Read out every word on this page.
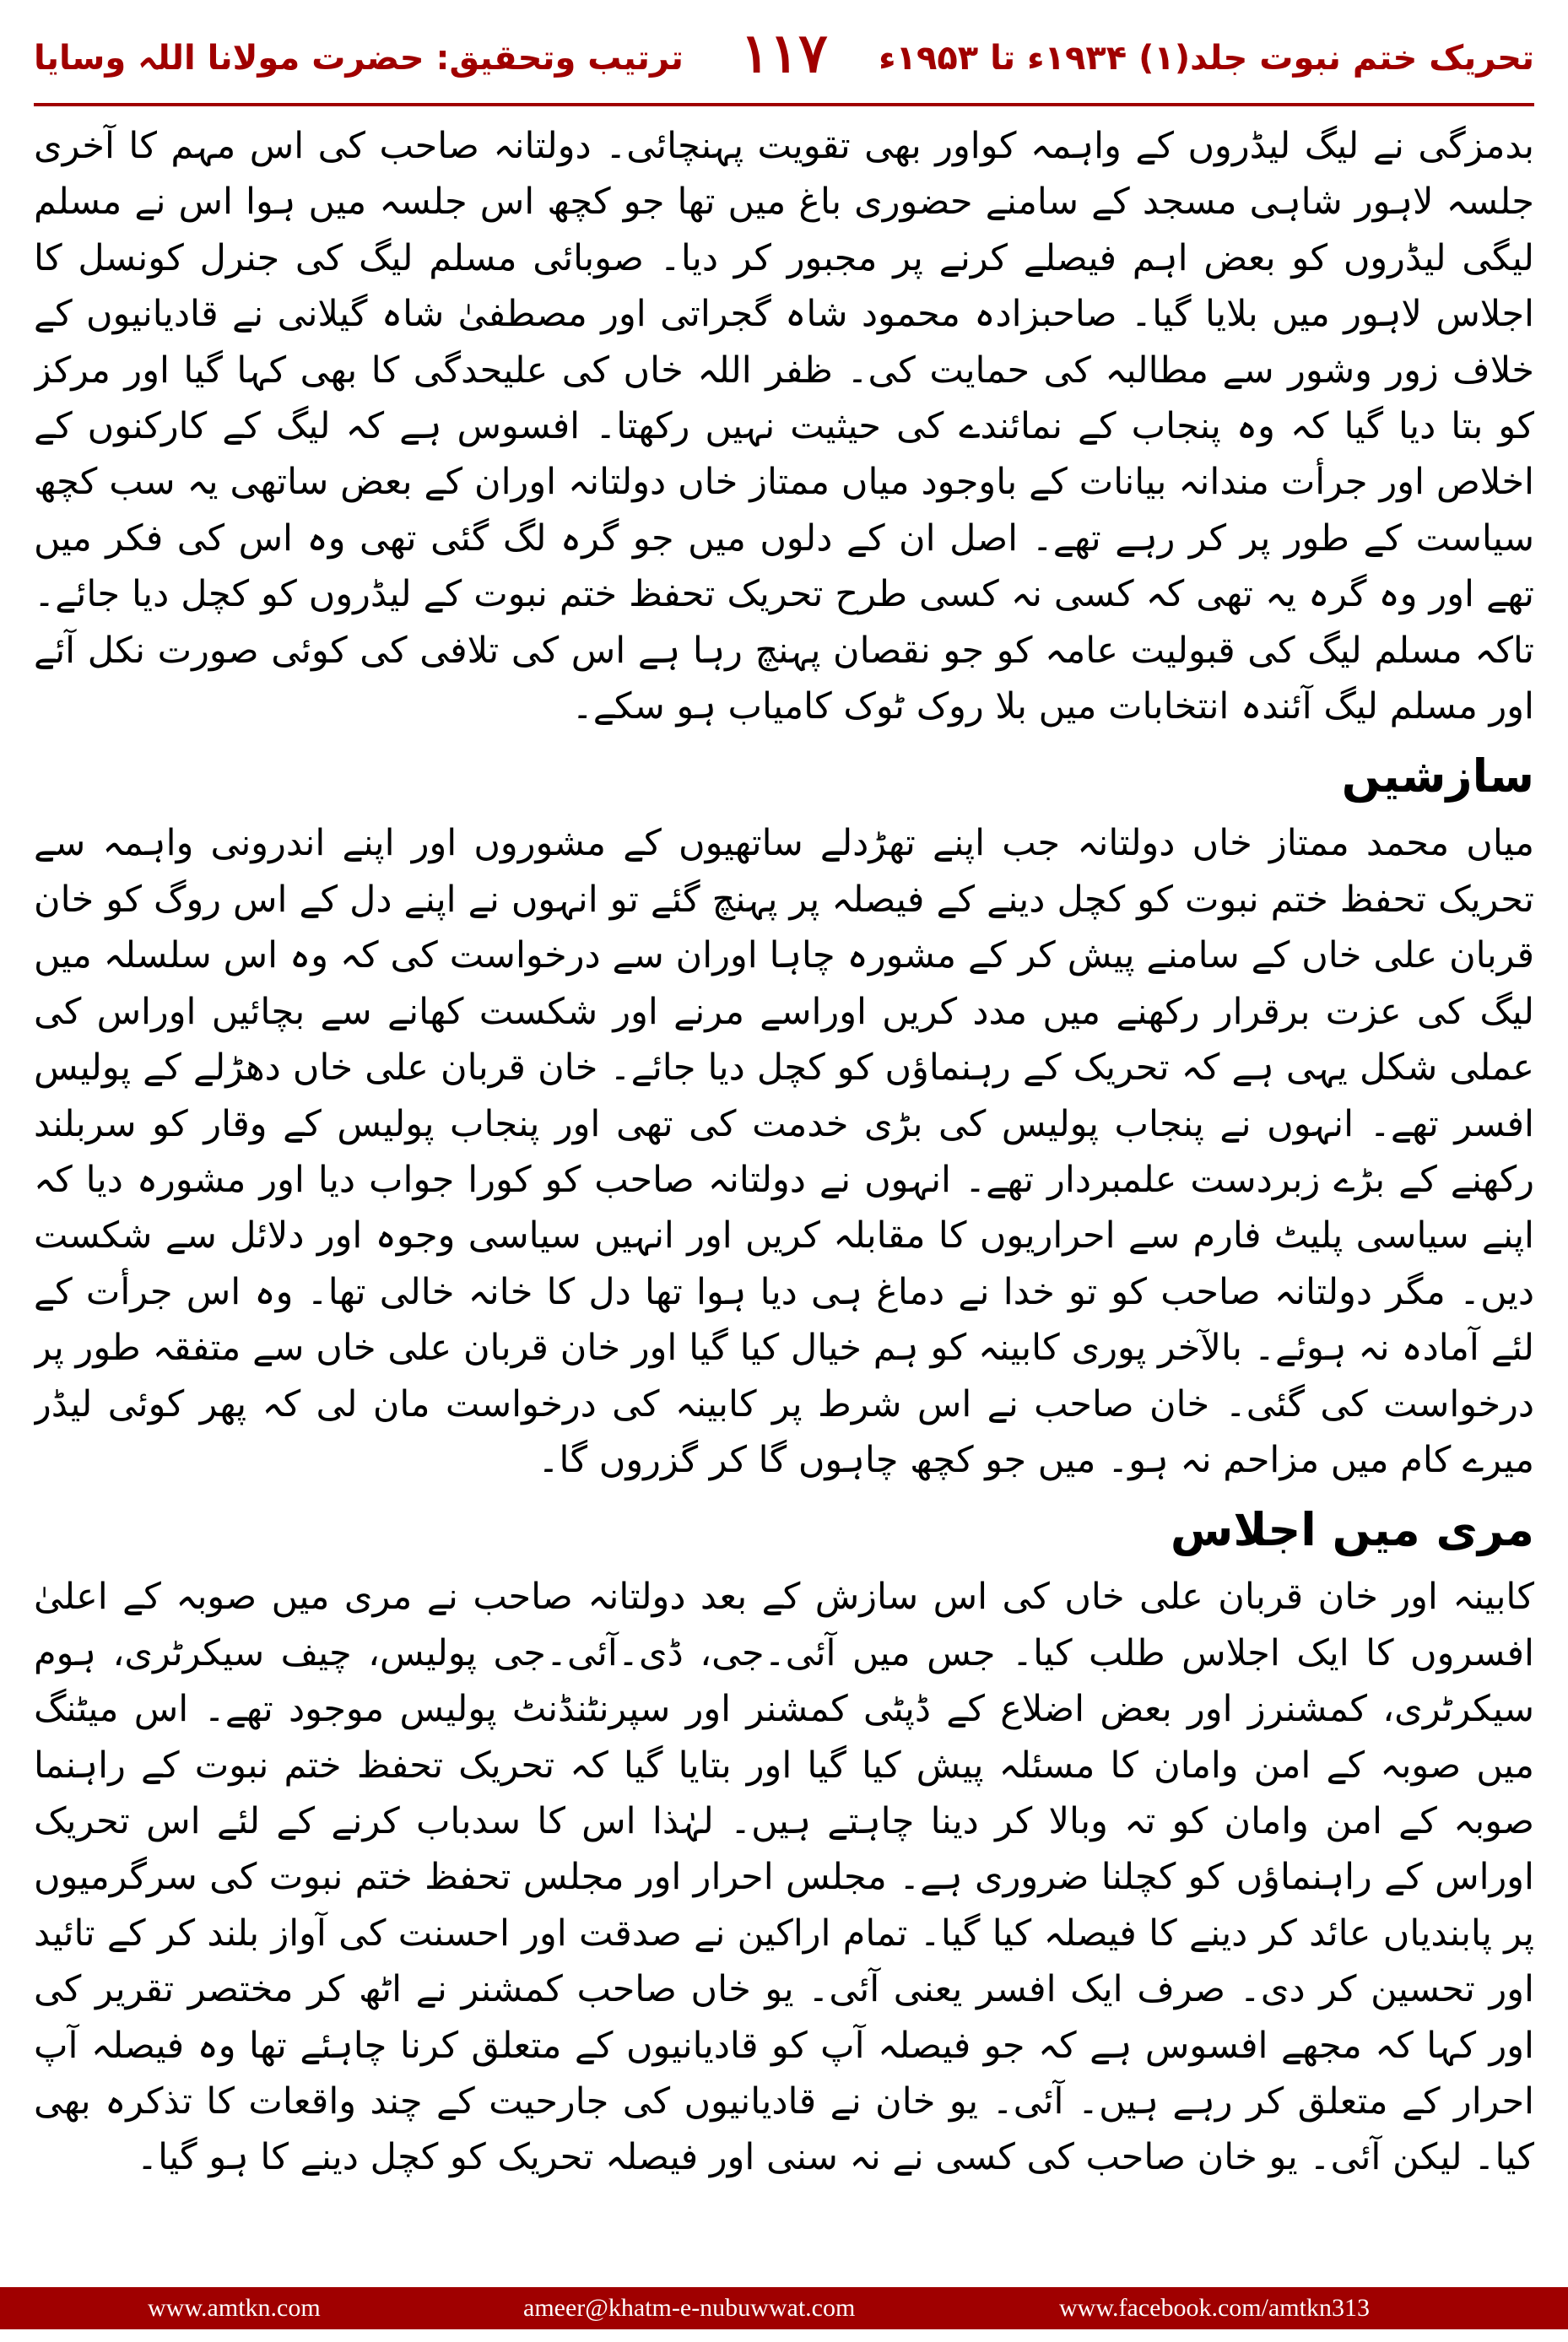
تحریک ختم نبوت جلد(۱) ۱۹۳۴ء تا ۱۹۵۳ء
۱۱۷
ترتیب وتحقیق: حضرت مولانا اللہ وسایا

بدمزگی نے لیگ لیڈروں کے واہمہ کواور بھی تقویت پہنچائی۔ دولتانہ صاحب کی اس مہم کا آخری جلسہ لاہور شاہی مسجد کے سامنے حضوری باغ میں تھا جو کچھ اس جلسہ میں ہوا اس نے مسلم لیگی لیڈروں کو بعض اہم فیصلے کرنے پر مجبور کر دیا۔ صوبائی مسلم لیگ کی جنرل کونسل کا اجلاس لاہور میں بلایا گیا۔ صاحبزادہ محمود شاہ گجراتی اور مصطفیٰ شاہ گیلانی نے قادیانیوں کے خلاف زور وشور سے مطالبہ کی حمایت کی۔ ظفر اللہ خاں کی علیحدگی کا بھی کہا گیا اور مرکز کو بتا دیا گیا کہ وہ پنجاب کے نمائندے کی حیثیت نہیں رکھتا۔ افسوس ہے کہ لیگ کے کارکنوں کے اخلاص اور جرأت مندانہ بیانات کے باوجود میاں ممتاز خاں دولتانہ اوران کے بعض ساتھی یہ سب کچھ سیاست کے طور پر کر رہے تھے۔ اصل ان کے دلوں میں جو گرہ لگ گئی تھی وہ اس کی فکر میں تھے اور وہ گرہ یہ تھی کہ کسی نہ کسی طرح تحریک تحفظ ختم نبوت کے لیڈروں کو کچل دیا جائے۔ تاکہ مسلم لیگ کی قبولیت عامہ کو جو نقصان پہنچ رہا ہے اس کی تلافی کی کوئی صورت نکل آئے اور مسلم لیگ آئندہ انتخابات میں بلا روک ٹوک کامیاب ہو سکے۔

سازشیں

میاں محمد ممتاز خاں دولتانہ جب اپنے تھڑدلے ساتھیوں کے مشوروں اور اپنے اندرونی واہمہ سے تحریک تحفظ ختم نبوت کو کچل دینے کے فیصلہ پر پہنچ گئے تو انہوں نے اپنے دل کے اس روگ کو خان قربان علی خاں کے سامنے پیش کر کے مشورہ چاہا اوران سے درخواست کی کہ وہ اس سلسلہ میں لیگ کی عزت برقرار رکھنے میں مدد کریں اوراسے مرنے اور شکست کھانے سے بچائیں اوراس کی عملی شکل یہی ہے کہ تحریک کے رہنماؤں کو کچل دیا جائے۔ خان قربان علی خاں دھڑلے کے پولیس افسر تھے۔ انہوں نے پنجاب پولیس کی بڑی خدمت کی تھی اور پنجاب پولیس کے وقار کو سربلند رکھنے کے بڑے زبردست علمبردار تھے۔ انہوں نے دولتانہ صاحب کو کورا جواب دیا اور مشورہ دیا کہ اپنے سیاسی پلیٹ فارم سے احراریوں کا مقابلہ کریں اور انہیں سیاسی وجوہ اور دلائل سے شکست دیں۔ مگر دولتانہ صاحب کو تو خدا نے دماغ ہی دیا ہوا تھا دل کا خانہ خالی تھا۔ وہ اس جرأت کے لئے آمادہ نہ ہوئے۔ بالآخر پوری کابینہ کو ہم خیال کیا گیا اور خان قربان علی خاں سے متفقہ طور پر درخواست کی گئی۔ خان صاحب نے اس شرط پر کابینہ کی درخواست مان لی کہ پھر کوئی لیڈر میرے کام میں مزاحم نہ ہو۔ میں جو کچھ چاہوں گا کر گزروں گا۔

مری میں اجلاس

کابینہ اور خان قربان علی خاں کی اس سازش کے بعد دولتانہ صاحب نے مری میں صوبہ کے اعلیٰ افسروں کا ایک اجلاس طلب کیا۔ جس میں آئی۔جی، ڈی۔آئی۔جی پولیس، چیف سیکرٹری، ہوم سیکرٹری، کمشنرز اور بعض اضلاع کے ڈپٹی کمشنر اور سپرنٹنڈنٹ پولیس موجود تھے۔ اس میٹنگ میں صوبہ کے امن وامان کا مسئلہ پیش کیا گیا اور بتایا گیا کہ تحریک تحفظ ختم نبوت کے راہنما صوبہ کے امن وامان کو تہ وبالا کر دینا چاہتے ہیں۔ لہٰذا اس کا سدباب کرنے کے لئے اس تحریک اوراس کے راہنماؤں کو کچلنا ضروری ہے۔ مجلس احرار اور مجلس تحفظ ختم نبوت کی سرگرمیوں پر پابندیاں عائد کر دینے کا فیصلہ کیا گیا۔ تمام اراکین نے صدقت اور احسنت کی آواز بلند کر کے تائید اور تحسین کر دی۔ صرف ایک افسر یعنی آئی۔ یو خاں صاحب کمشنر نے اٹھ کر مختصر تقریر کی اور کہا کہ مجھے افسوس ہے کہ جو فیصلہ آپ کو قادیانیوں کے متعلق کرنا چاہئے تھا وہ فیصلہ آپ احرار کے متعلق کر رہے ہیں۔ آئی۔ یو خان نے قادیانیوں کی جارحیت کے چند واقعات کا تذکرہ بھی کیا۔ لیکن آئی۔ یو خان صاحب کی کسی نے نہ سنی اور فیصلہ تحریک کو کچل دینے کا ہو گیا۔

www.amtkn.com	ameer@khatm-e-nubuwwat.com	www.facebook.com/amtkn313
